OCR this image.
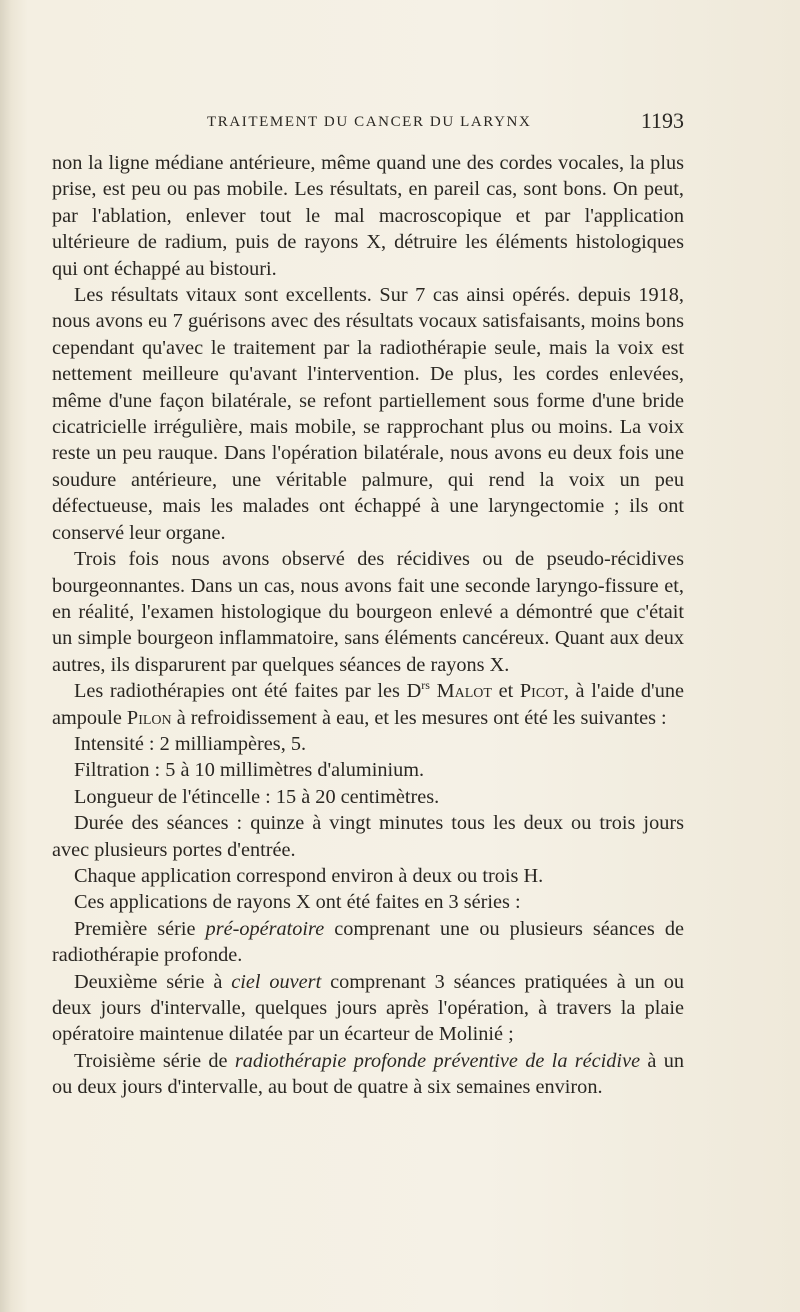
TRAITEMENT DU CANCER DU LARYNX	1193

non la ligne médiane antérieure, même quand une des cordes vocales, la plus prise, est peu ou pas mobile. Les résultats, en pareil cas, sont bons. On peut, par l'ablation, enlever tout le mal macroscopique et par l'application ultérieure de radium, puis de rayons X, détruire les éléments histologiques qui ont échappé au bistouri.

Les résultats vitaux sont excellents. Sur 7 cas ainsi opérés. depuis 1918, nous avons eu 7 guérisons avec des résultats vocaux satisfaisants, moins bons cependant qu'avec le traitement par la radiothérapie seule, mais la voix est nettement meilleure qu'avant l'intervention. De plus, les cordes enlevées, même d'une façon bilatérale, se refont partiellement sous forme d'une bride cicatricielle irrégulière, mais mobile, se rapprochant plus ou moins. La voix reste un peu rauque. Dans l'opération bilatérale, nous avons eu deux fois une soudure antérieure, une véritable palmure, qui rend la voix un peu défectueuse, mais les malades ont échappé à une laryngectomie ; ils ont conservé leur organe.

Trois fois nous avons observé des récidives ou de pseudo-récidives bourgeonnantes. Dans un cas, nous avons fait une seconde laryngo-fissure et, en réalité, l'examen histologique du bourgeon enlevé a démontré que c'était un simple bourgeon inflammatoire, sans éléments cancéreux. Quant aux deux autres, ils disparurent par quelques séances de rayons X.

Les radiothérapies ont été faites par les $D^{rs}$ Malot et Picot, à l'aide d'une ampoule Pilon à refroidissement à eau, et les mesures ont été les suivantes :

Intensité : 2 milliampères, 5.

Filtration : 5 à 10 millimètres d'aluminium.

Longueur de l'étincelle : 15 à 20 centimètres.

Durée des séances : quinze à vingt minutes tous les deux ou trois jours avec plusieurs portes d'entrée.

Chaque application correspond environ à deux ou trois H.

Ces applications de rayons X ont été faites en 3 séries :

Première série pré-opératoire comprenant une ou plusieurs séances de radiothérapie profonde.

Deuxième série à ciel ouvert comprenant 3 séances pratiquées à un ou deux jours d'intervalle, quelques jours après l'opération, à travers la plaie opératoire maintenue dilatée par un écarteur de Molinié ;

Troisième série de radiothérapie profonde préventive de la récidive à un ou deux jours d'intervalle, au bout de quatre à six semaines environ.
